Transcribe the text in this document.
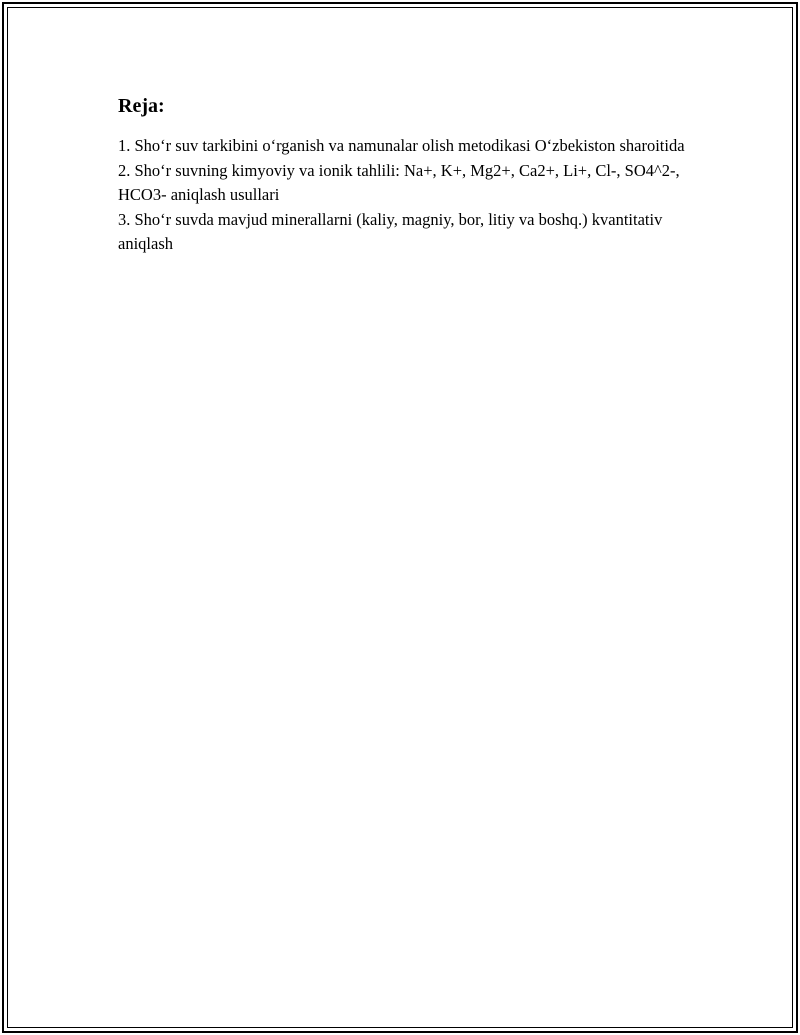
Reja:
1. Sho‘r suv tarkibini o‘rganish va namunalar olish metodikasi O‘zbekiston sharoitida
2. Sho‘r suvning kimyoviy va ionik tahlili: Na+, K+, Mg2+, Ca2+, Li+, Cl-, SO4^2-, HCO3- aniqlash usullari
3. Sho‘r suvda mavjud minerallarni (kaliy, magniy, bor, litiy va boshq.) kvantitativ aniqlash
